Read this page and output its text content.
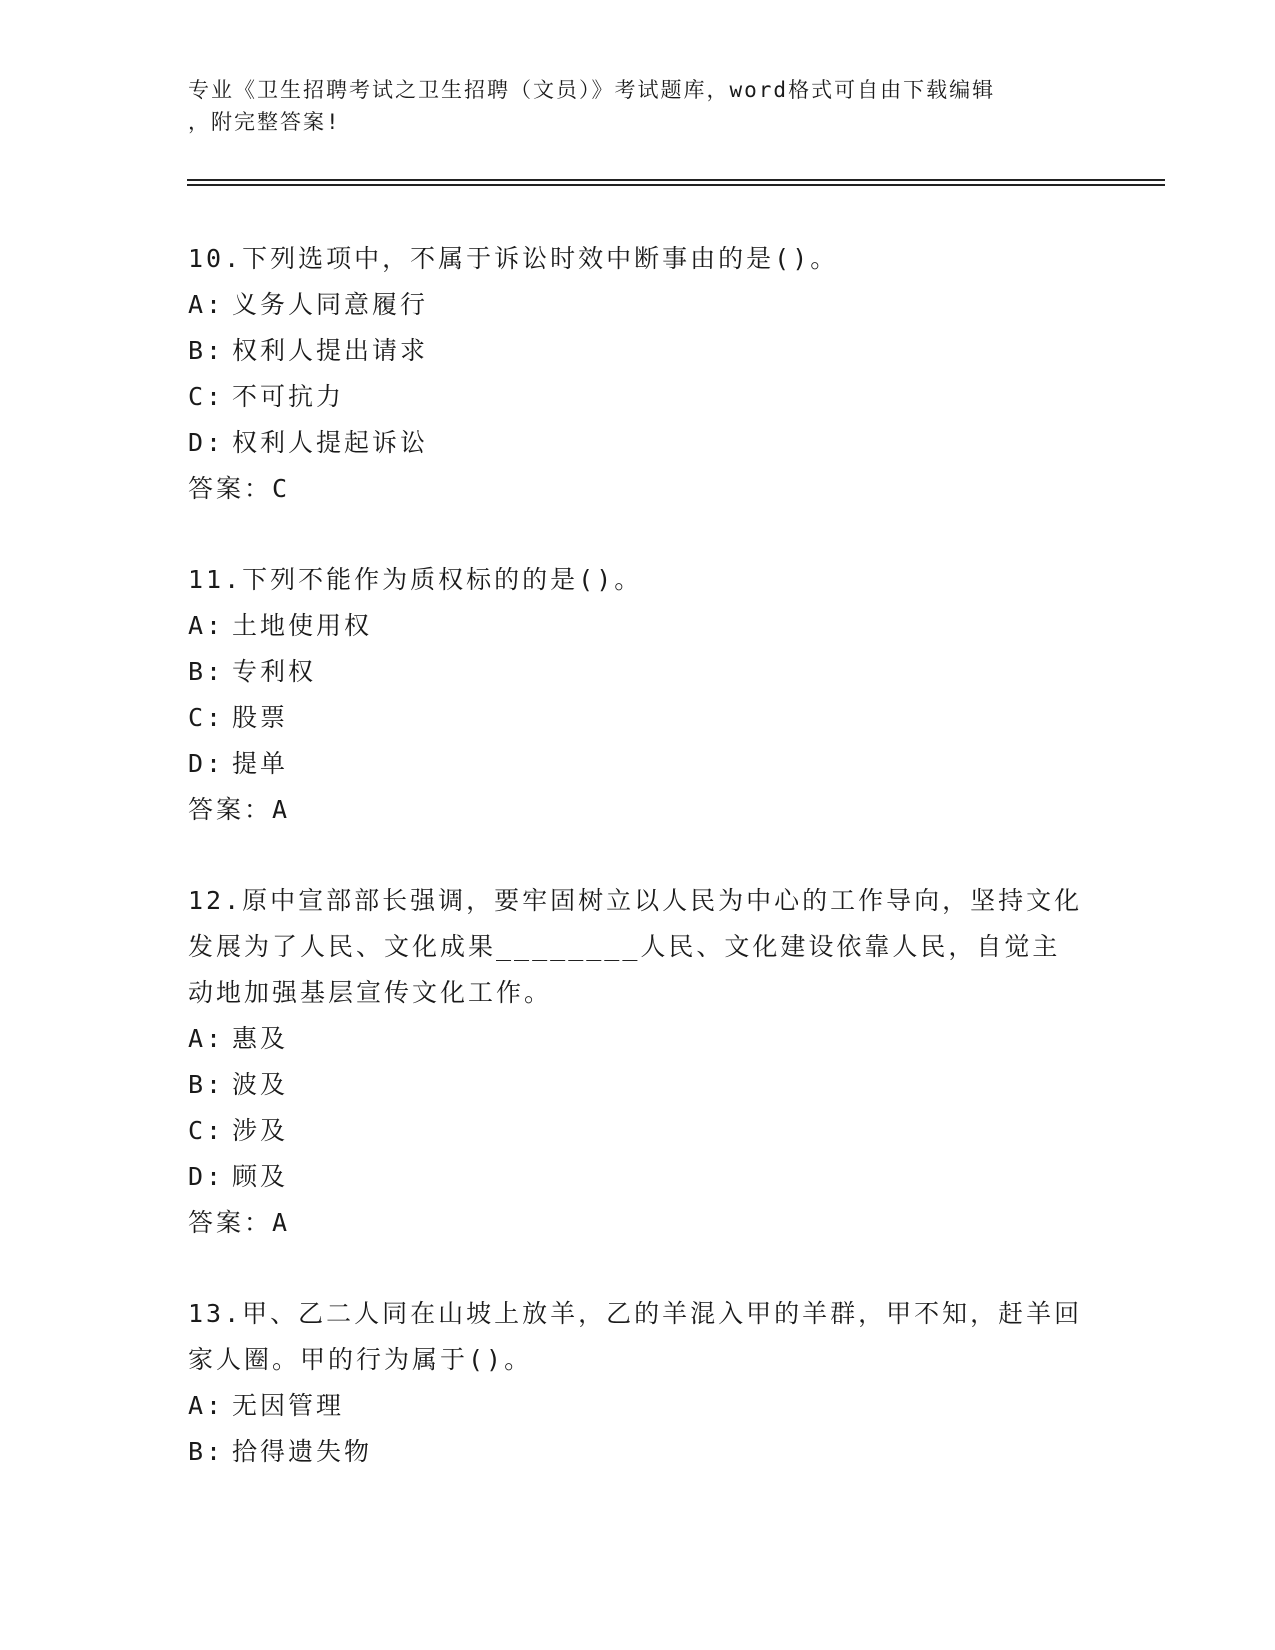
专业《卫生招聘考试之卫生招聘（文员）》考试题库，word格式可自由下载编辑
，附完整答案!

10.下列选项中，不属于诉讼时效中断事由的是()。

A: 义务人同意履行

B: 权利人提出请求

C: 不可抗力

D: 权利人提起诉讼

答案：C

11.下列不能作为质权标的的是()。

A: 土地使用权

B: 专利权

C: 股票

D: 提单

答案：A

12.原中宣部部长强调，要牢固树立以人民为中心的工作导向，坚持文化发展为了人民、文化成果________人民、文化建设依靠人民，自觉主动地加强基层宣传文化工作。

A: 惠及

B: 波及

C: 涉及

D: 顾及

答案：A

13.甲、乙二人同在山坡上放羊，乙的羊混入甲的羊群，甲不知，赶羊回家人圈。甲的行为属于()。

A: 无因管理

B: 拾得遗失物
